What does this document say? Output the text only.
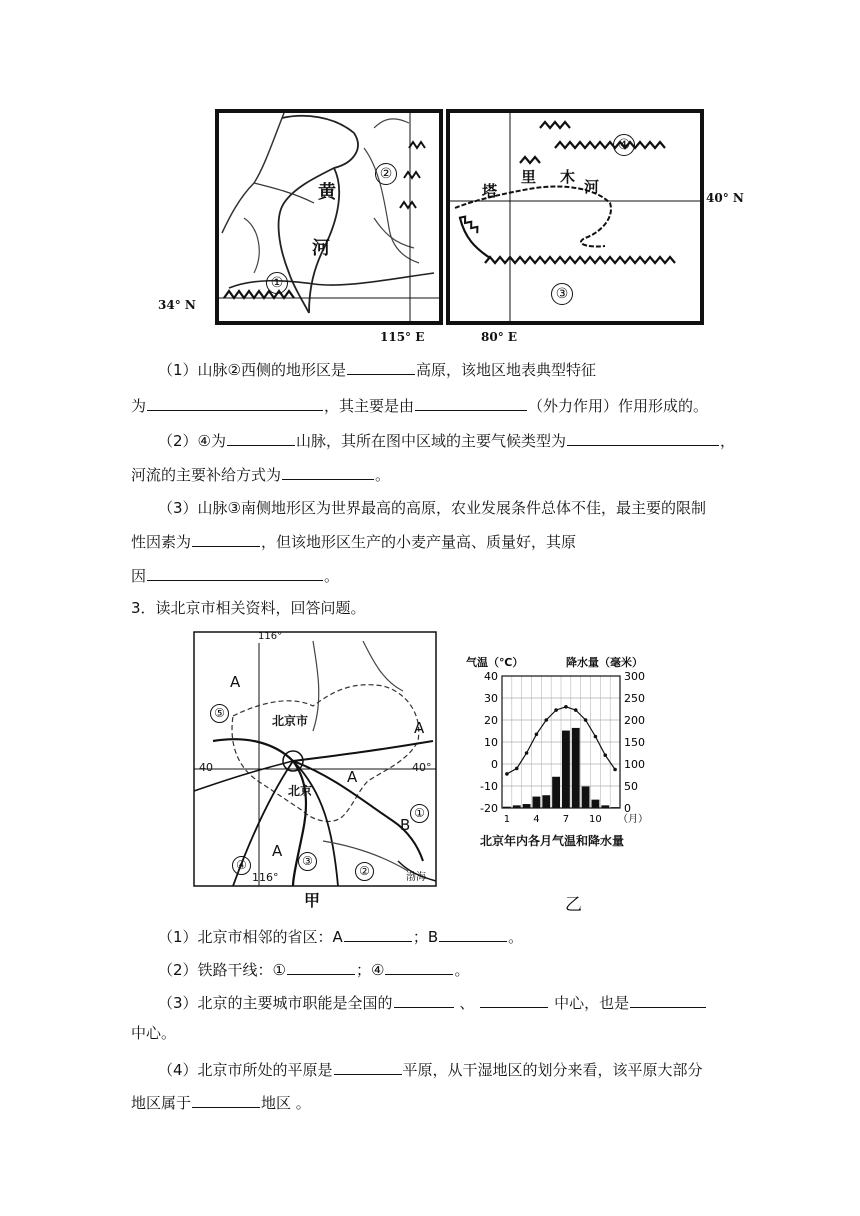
黄
河
①
②
34° N
115° E
塔
里 木
河
④
③
40° N
80° E
（1）山脉②西侧的地形区是	高原，该地区地表典型特征
为	，其主要是由	（外力作用）作用形成的。
（2）④为	山脉，其所在图中区域的主要气候类型为	，
河流的主要补给方式为	。
（3）山脉③南侧地形区为世界最高的高原，农业发展条件总体不佳，最主要的限制
性因素为	，但该地形区生产的小麦产量高、质量好，其原
因	。
3．读北京市相关资料，回答问题。
116°
116°
40	40°
A
A
A
A
B
北京市
北京
渤海
①
②
③
④
⑤
甲
气温（℃）	降水量（毫米）
-20
-10
0
10
20
30
40
0
50
100
150
200
250
300
1 4 7 10 （月）
北京年内各月气温和降水量
乙
（1）北京市相邻的省区：A	；B	。
（2）铁路干线：①	；④	。
（3）北京的主要城市职能是全国的	、	中心，也是
中心。
（4）北京市所处的平原是	平原，从干湿地区的划分来看，该平原大部分
地区属于	地区 。
